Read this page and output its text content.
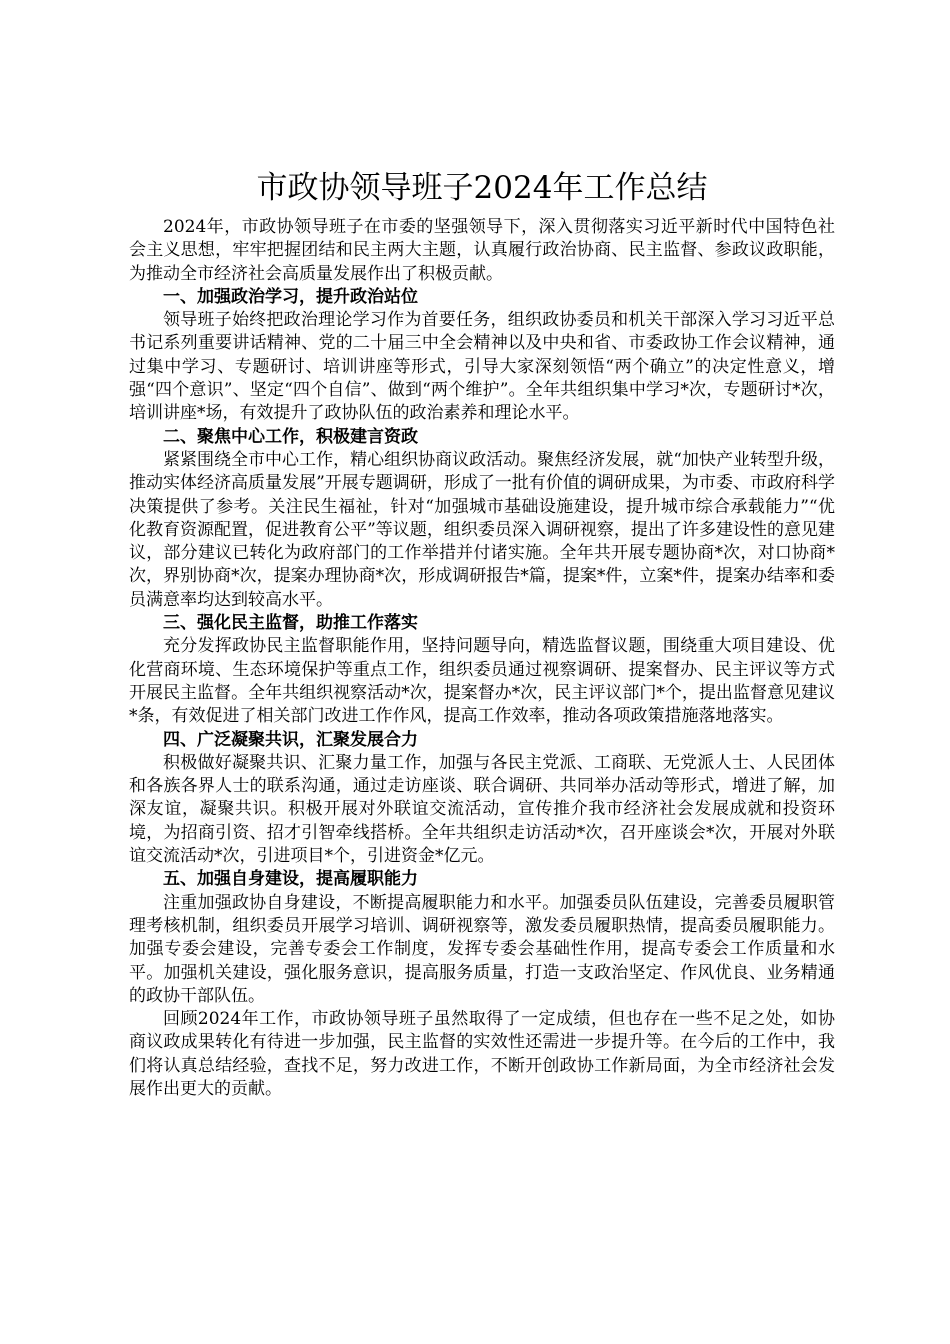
市政协领导班子2024年工作总结

2024年，市政协领导班子在市委的坚强领导下，深入贯彻落实习近平新时代中国特色社会主义思想，牢牢把握团结和民主两大主题，认真履行政治协商、民主监督、参政议政职能，为推动全市经济社会高质量发展作出了积极贡献。

一、加强政治学习，提升政治站位

领导班子始终把政治理论学习作为首要任务，组织政协委员和机关干部深入学习习近平总书记系列重要讲话精神、党的二十届三中全会精神以及中央和省、市委政协工作会议精神，通过集中学习、专题研讨、培训讲座等形式，引导大家深刻领悟“两个确立”的决定性意义，增强“四个意识”、坚定“四个自信”、做到“两个维护”。全年共组织集中学习*次，专题研讨*次，培训讲座*场，有效提升了政协队伍的政治素养和理论水平。

二、聚焦中心工作，积极建言资政

紧紧围绕全市中心工作，精心组织协商议政活动。聚焦经济发展，就“加快产业转型升级，推动实体经济高质量发展”开展专题调研，形成了一批有价值的调研成果，为市委、市政府科学决策提供了参考。关注民生福祉，针对“加强城市基础设施建设，提升城市综合承载能力”“优化教育资源配置，促进教育公平”等议题，组织委员深入调研视察，提出了许多建设性的意见建议，部分建议已转化为政府部门的工作举措并付诸实施。全年共开展专题协商*次，对口协商*次，界别协商*次，提案办理协商*次，形成调研报告*篇，提案*件，立案*件，提案办结率和委员满意率均达到较高水平。

三、强化民主监督，助推工作落实

充分发挥政协民主监督职能作用，坚持问题导向，精选监督议题，围绕重大项目建设、优化营商环境、生态环境保护等重点工作，组织委员通过视察调研、提案督办、民主评议等方式开展民主监督。全年共组织视察活动*次，提案督办*次，民主评议部门*个，提出监督意见建议*条，有效促进了相关部门改进工作作风，提高工作效率，推动各项政策措施落地落实。

四、广泛凝聚共识，汇聚发展合力

积极做好凝聚共识、汇聚力量工作，加强与各民主党派、工商联、无党派人士、人民团体和各族各界人士的联系沟通，通过走访座谈、联合调研、共同举办活动等形式，增进了解，加深友谊，凝聚共识。积极开展对外联谊交流活动，宣传推介我市经济社会发展成就和投资环境，为招商引资、招才引智牵线搭桥。全年共组织走访活动*次，召开座谈会*次，开展对外联谊交流活动*次，引进项目*个，引进资金*亿元。

五、加强自身建设，提高履职能力

注重加强政协自身建设，不断提高履职能力和水平。加强委员队伍建设，完善委员履职管理考核机制，组织委员开展学习培训、调研视察等，激发委员履职热情，提高委员履职能力。加强专委会建设，完善专委会工作制度，发挥专委会基础性作用，提高专委会工作质量和水平。加强机关建设，强化服务意识，提高服务质量，打造一支政治坚定、作风优良、业务精通的政协干部队伍。

回顾2024年工作，市政协领导班子虽然取得了一定成绩，但也存在一些不足之处，如协商议政成果转化有待进一步加强，民主监督的实效性还需进一步提升等。在今后的工作中，我们将认真总结经验，查找不足，努力改进工作，不断开创政协工作新局面，为全市经济社会发展作出更大的贡献。
